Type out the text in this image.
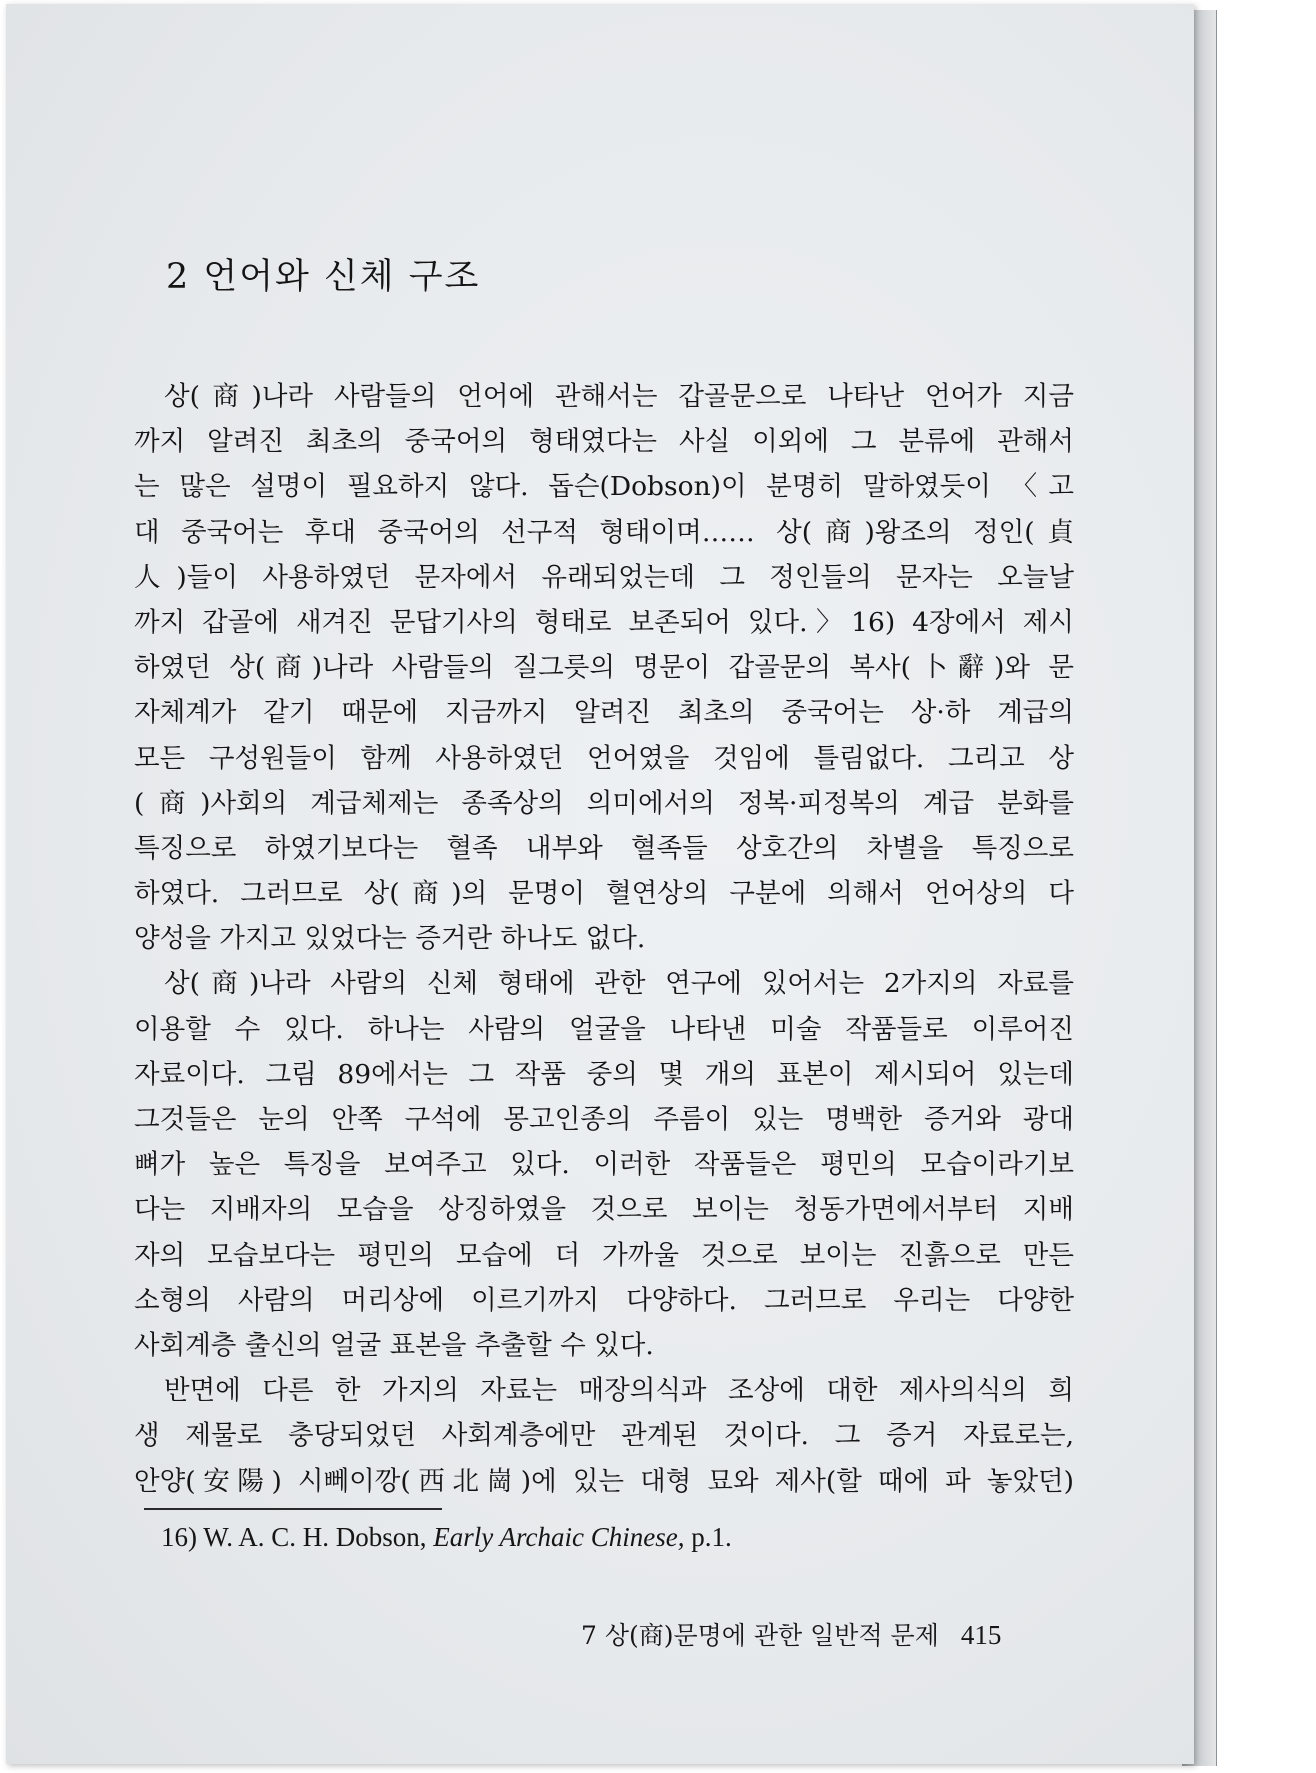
2 언어와 신체 구조
상(商)나라 사람들의 언어에 관해서는 갑골문으로 나타난 언어가 지금
까지 알려진 최초의 중국어의 형태였다는 사실 이외에 그 분류에 관해서
는 많은 설명이 필요하지 않다. 돕슨(Dobson)이 분명히 말하였듯이 〈고
대 중국어는 후대 중국어의 선구적 형태이며…… 상(商)왕조의 정인(貞
人)들이 사용하였던 문자에서 유래되었는데 그 정인들의 문자는 오늘날
까지 갑골에 새겨진 문답기사의 형태로 보존되어 있다.〉16) 4장에서 제시
하였던 상(商)나라 사람들의 질그릇의 명문이 갑골문의 복사(卜辭)와 문
자체계가 같기 때문에 지금까지 알려진 최초의 중국어는 상·하 계급의
모든 구성원들이 함께 사용하였던 언어였을 것임에 틀림없다. 그리고 상
(商)사회의 계급체제는 종족상의 의미에서의 정복·피정복의 계급 분화를
특징으로 하였기보다는 혈족 내부와 혈족들 상호간의 차별을 특징으로
하였다. 그러므로 상(商)의 문명이 혈연상의 구분에 의해서 언어상의 다
양성을 가지고 있었다는 증거란 하나도 없다.
상(商)나라 사람의 신체 형태에 관한 연구에 있어서는 2가지의 자료를
이용할 수 있다. 하나는 사람의 얼굴을 나타낸 미술 작품들로 이루어진
자료이다. 그림 89에서는 그 작품 중의 몇 개의 표본이 제시되어 있는데
그것들은 눈의 안쪽 구석에 몽고인종의 주름이 있는 명백한 증거와 광대
뼈가 높은 특징을 보여주고 있다. 이러한 작품들은 평민의 모습이라기보
다는 지배자의 모습을 상징하였을 것으로 보이는 청동가면에서부터 지배
자의 모습보다는 평민의 모습에 더 가까울 것으로 보이는 진흙으로 만든
소형의 사람의 머리상에 이르기까지 다양하다. 그러므로 우리는 다양한
사회계층 출신의 얼굴 표본을 추출할 수 있다.
반면에 다른 한 가지의 자료는 매장의식과 조상에 대한 제사의식의 희
생 제물로 충당되었던 사회계층에만 관계된 것이다. 그 증거 자료로는,
안양(安陽) 시뻬이깡(西北崗)에 있는 대형 묘와 제사(할 때에 파 놓았던)
16) W. A. C. H. Dobson, Early Archaic Chinese, p.1.
7 상(商)문명에 관한 일반적 문제 415
